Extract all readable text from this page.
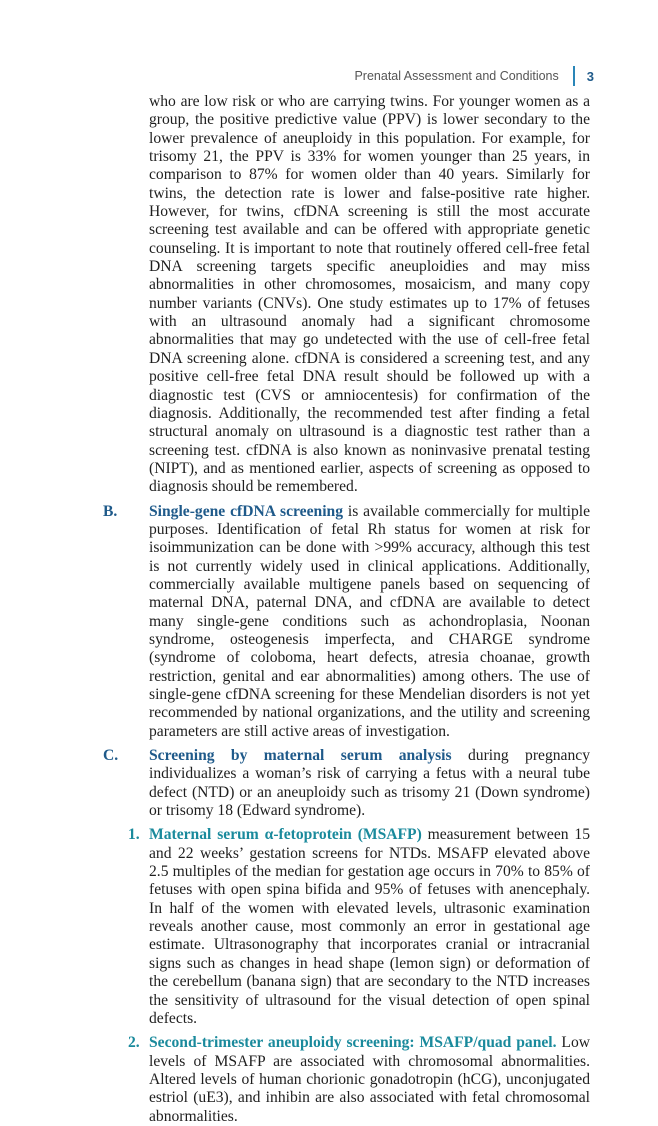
Prenatal Assessment and Conditions 3

who are low risk or who are carrying twins. For younger women as a group, the positive predictive value (PPV) is lower secondary to the lower prevalence of aneuploidy in this population. For example, for trisomy 21, the PPV is 33% for women younger than 25 years, in comparison to 87% for women older than 40 years. Similarly for twins, the detection rate is lower and false-positive rate higher. However, for twins, cfDNA screening is still the most accurate screening test available and can be offered with appropriate genetic counseling. It is important to note that routinely offered cell-free fetal DNA screening targets specific aneuploidies and may miss abnormalities in other chromosomes, mosaicism, and many copy number variants (CNVs). One study estimates up to 17% of fetuses with an ultrasound anomaly had a significant chromosome abnormalities that may go undetected with the use of cell-free fetal DNA screening alone. cfDNA is considered a screening test, and any positive cell-free fetal DNA result should be followed up with a diagnostic test (CVS or amniocentesis) for confirmation of the diagnosis. Additionally, the recommended test after finding a fetal structural anomaly on ultrasound is a diagnostic test rather than a screening test. cfDNA is also known as noninvasive prenatal testing (NIPT), and as mentioned earlier, aspects of screening as opposed to diagnosis should be remembered.

B. Single-gene cfDNA screening is available commercially for multiple purposes. Identification of fetal Rh status for women at risk for isoimmunization can be done with >99% accuracy, although this test is not currently widely used in clinical applications. Additionally, commercially available multigene panels based on sequencing of maternal DNA, paternal DNA, and cfDNA are available to detect many single-gene conditions such as achondroplasia, Noonan syndrome, osteogenesis imperfecta, and CHARGE syndrome (syndrome of coloboma, heart defects, atresia choanae, growth restriction, genital and ear abnormalities) among others. The use of single-gene cfDNA screening for these Mendelian disorders is not yet recommended by national organizations, and the utility and screening parameters are still active areas of investigation.

C. Screening by maternal serum analysis during pregnancy individualizes a woman’s risk of carrying a fetus with a neural tube defect (NTD) or an aneuploidy such as trisomy 21 (Down syndrome) or trisomy 18 (Edward syndrome).

1. Maternal serum α-fetoprotein (MSAFP) measurement between 15 and 22 weeks’ gestation screens for NTDs. MSAFP elevated above 2.5 multiples of the median for gestation age occurs in 70% to 85% of fetuses with open spina bifida and 95% of fetuses with anencephaly. In half of the women with elevated levels, ultrasonic examination reveals another cause, most commonly an error in gestational age estimate. Ultrasonography that incorporates cranial or intracranial signs such as changes in head shape (lemon sign) or deformation of the cerebellum (banana sign) that are secondary to the NTD increases the sensitivity of ultrasound for the visual detection of open spinal defects.

2. Second-trimester aneuploidy screening: MSAFP/quad panel. Low levels of MSAFP are associated with chromosomal abnormalities. Altered levels of human chorionic gonadotropin (hCG), unconjugated estriol (uE3), and inhibin are also associated with fetal chromosomal abnormalities.
